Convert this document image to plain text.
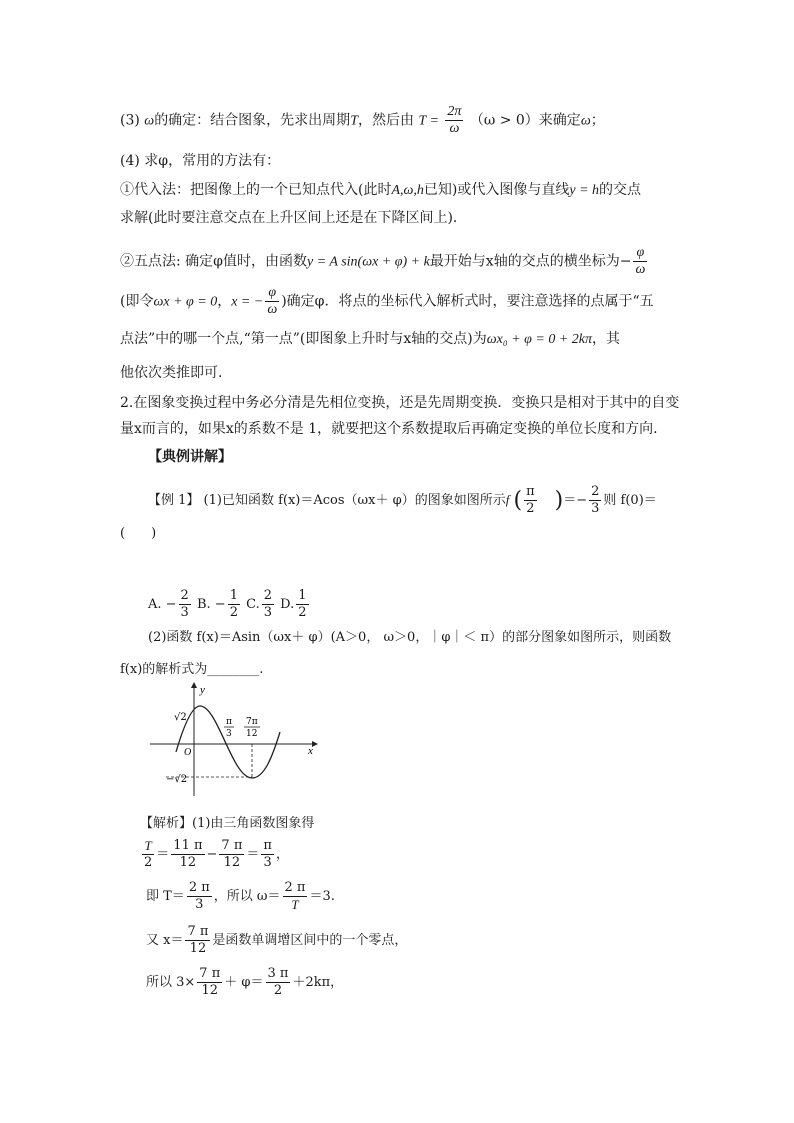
(3) ω的确定：结合图象，先求出周期T，然后由 $T = \frac{2\pi}{\omega} (\omega > 0)$来确定ω；
(4) 求φ，常用的方法有：
①代入法：把图像上的一个已知点代入(此时A,ω,h已知)或代入图像与直线y = h的交点
求解(此时要注意交点在上升区间上还是在下降区间上)．
②五点法: 确定φ值时，由函数y = A sin(ωx + φ) + k最开始与x轴的交点的横坐标为− $\frac{\varphi}{\omega}$
(即令ωx + φ = 0，x = − $\frac{\varphi}{\omega}$ )确定φ．将点的坐标代入解析式时，要注意选择的点属于“五
点法”中的哪一个点,“第一点”(即图象上升时与x轴的交点)为ωx₀ + φ = 0 + 2kπ，其
他依次类推即可.
2.在图象变换过程中务必分清是先相位变换，还是先周期变换．变换只是相对于其中的自变
量x而言的，如果x的系数不是 1，就要把这个系数提取后再确定变换的单位长度和方向.
【典例讲解】
【例 1】 (1)已知函数 f(x)＝Acos（ωx＋ φ）的图象如图所示f ( $\frac{\pi}{2}$ )＝− $\frac{2}{3}$ 则 f(0)＝
(　　)
A. − $\frac{2}{3} B$. − $\frac{1}{2} C$. $\frac{2}{3} D$. $\frac{1}{2}$
(2)函数 f(x)＝Asin（ωx＋ φ）(A＞0， ω＞0，｜φ｜＜ π）的部分图象如图所示，则函数
f(x)的解析式为________.
y
x
O
√2
−√2
π
3
7π
12
【解析】(1)由三角函数图象得
$\frac{T}{2} = \frac{11 \pi}{12} - \frac{7 \pi}{12} = \frac{\pi}{3}$ ，
即 $T= \frac{2 \pi}{3}$ ，所以 $\omega= \frac{2 \pi}{T} =3$.
又 $x= \frac{7 \pi}{12}$ 是函数单调增区间中的一个零点，
所以 $3\times \frac{7 \pi}{12} + \varphi= \frac{3 \pi}{2} +2k\pi$，
